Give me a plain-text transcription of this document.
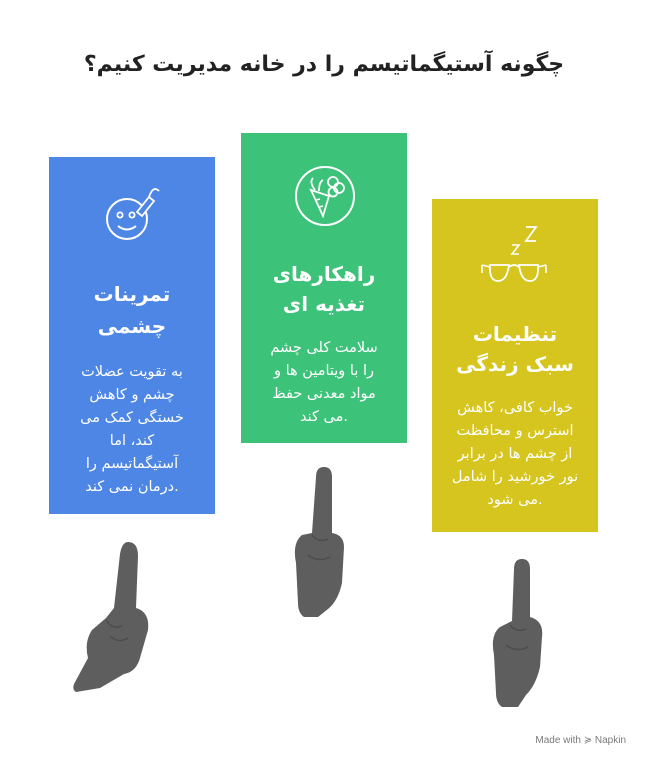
چگونه آستیگماتیسم را در خانه مدیریت کنیم؟
تمرینات
چشمی

به تقویت عضلات
چشم و کاهش
خستگی کمک می
کند، اما
آستیگماتیسم را
.درمان نمی کند

راهکارهای
تغذیه ای

سلامت کلی چشم
را با ویتامین ها و
مواد معدنی حفظ
.می کند

تنظیمات
سبک زندگی

خواب کافی، کاهش
استرس و محافظت
از چشم ها در برابر
نور خورشید را شامل
.می شود

Made with ≽ Napkin
